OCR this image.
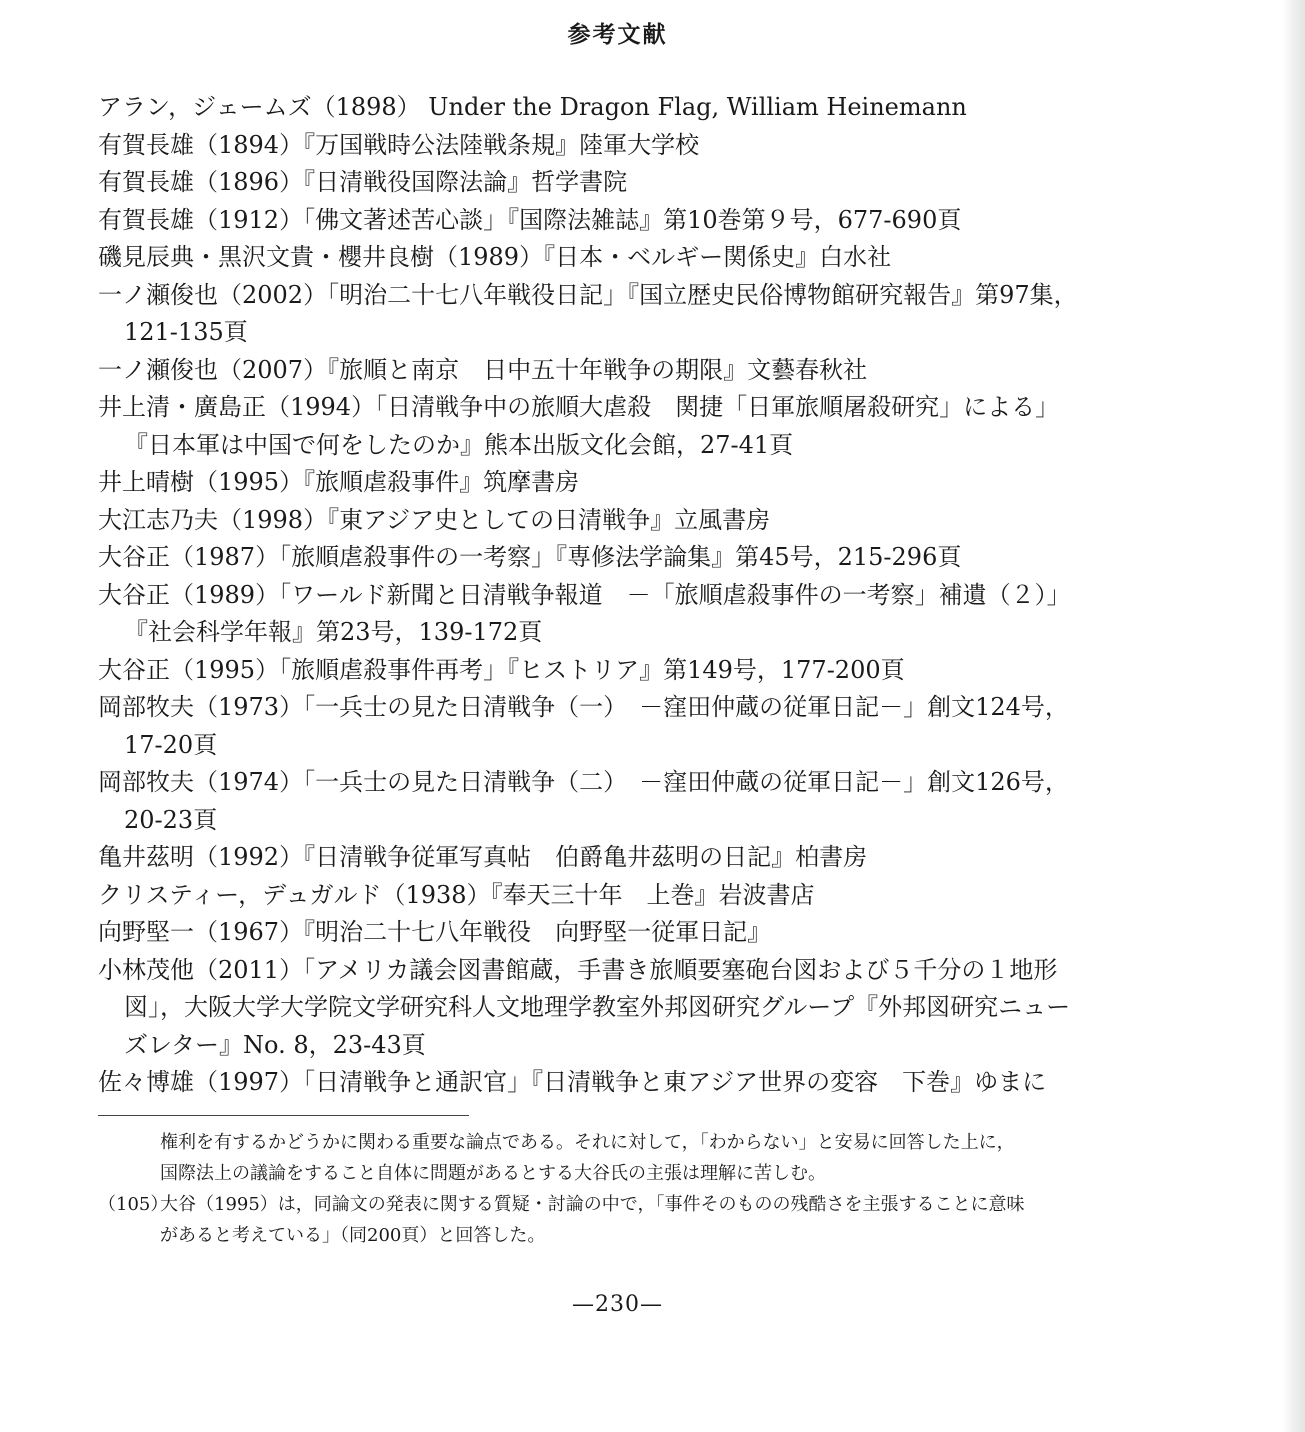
参考文献
アラン，ジェームズ（1898） Under the Dragon Flag, William Heinemann
有賀長雄（1894）『万国戦時公法陸戦条規』陸軍大学校
有賀長雄（1896）『日清戦役国際法論』哲学書院
有賀長雄（1912）「佛文著述苦心談」『国際法雑誌』第10巻第９号，677-690頁
磯見辰典・黒沢文貴・櫻井良樹（1989）『日本・ベルギー関係史』白水社
一ノ瀬俊也（2002）「明治二十七八年戦役日記」『国立歴史民俗博物館研究報告』第97集，
121-135頁
一ノ瀬俊也（2007）『旅順と南京　日中五十年戦争の期限』文藝春秋社
井上清・廣島正（1994）「日清戦争中の旅順大虐殺　関捷「日軍旅順屠殺研究」による」
『日本軍は中国で何をしたのか』熊本出版文化会館，27-41頁
井上晴樹（1995）『旅順虐殺事件』筑摩書房
大江志乃夫（1998）『東アジア史としての日清戦争』立風書房
大谷正（1987）「旅順虐殺事件の一考察」『専修法学論集』第45号，215-296頁
大谷正（1989）「ワールド新聞と日清戦争報道　－「旅順虐殺事件の一考察」補遺（２）」
『社会科学年報』第23号，139-172頁
大谷正（1995）「旅順虐殺事件再考」『ヒストリア』第149号，177-200頁
岡部牧夫（1973）「一兵士の見た日清戦争（一）　－窪田仲蔵の従軍日記－」創文124号，
17-20頁
岡部牧夫（1974）「一兵士の見た日清戦争（二）　－窪田仲蔵の従軍日記－」創文126号，
20-23頁
亀井茲明（1992）『日清戦争従軍写真帖　伯爵亀井茲明の日記』柏書房
クリスティー，デュガルド（1938）『奉天三十年　上巻』岩波書店
向野堅一（1967）『明治二十七八年戦役　向野堅一従軍日記』
小林茂他（2011）「アメリカ議会図書館蔵，手書き旅順要塞砲台図および５千分の１地形
図」，大阪大学大学院文学研究科人文地理学教室外邦図研究グループ『外邦図研究ニュー
ズレター』No. 8，23-43頁
佐々博雄（1997）「日清戦争と通訳官」『日清戦争と東アジア世界の変容　下巻』ゆまに
権利を有するかどうかに関わる重要な論点である。それに対して，「わからない」と安易に回答した上に，
国際法上の議論をすること自体に問題があるとする大谷氏の主張は理解に苦しむ。
（105）
大谷（1995）は，同論文の発表に関する質疑・討論の中で，「事件そのものの残酷さを主張することに意味
があると考えている」（同200頁）と回答した。
—230—
